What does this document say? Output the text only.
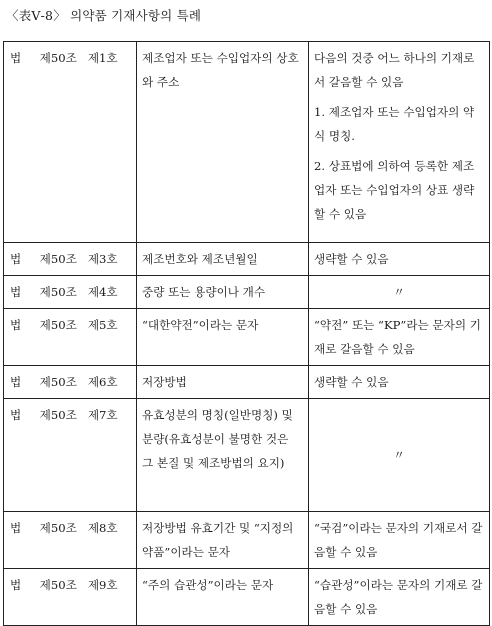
〈表Ⅴ-8〉 의약품 기재사항의 특례
법 제50조 제1호	제조업자 또는 수입업자의 상호와 주소	다음의 것중 어느 하나의 기재로서 갈음할 수 있음
1. 제조업자 또는 수입업자의 약식 명칭.
2. 상표법에 의하여 등록한 제조업자 또는 수입업자의 상표 생략할 수 있음

법 제50조 제3호	제조번호와 제조년월일	생략할 수 있음
법 제50조 제4호	중량 또는 용량이나 개수	〃
법 제50조 제5호	“대한약전”이라는 문자	“약전” 또는 “KP”라는 문자의 기재로 갈음할 수 있음
법 제50조 제6호	저장방법	생략할 수 있음
법 제50조 제7호	유효성분의 명칭(일반명칭) 및 분량(유효성분이 불명한 것은 그 본질 및 제조방법의 요지)	〃
법 제50조 제8호	저장방법 유효기간 및 “지정의약품”이라는 문자	“국검”이라는 문자의 기재로서 갈음할 수 있음
법 제50조 제9호	“주의 습관성”이라는 문자	“습관성”이라는 문자의 기재로 갈음할 수 있음
